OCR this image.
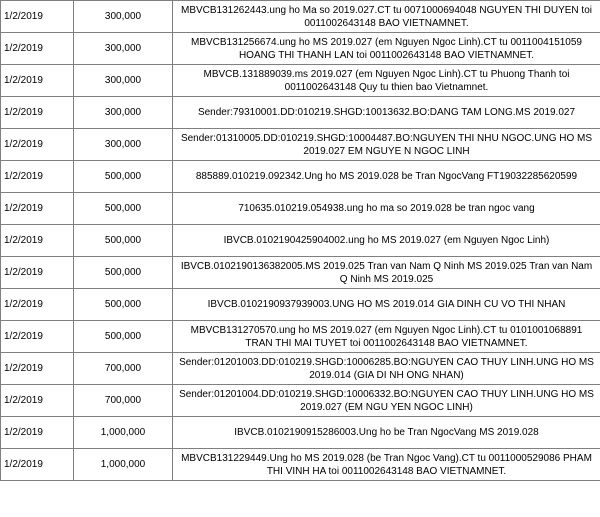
1/2/2019	300,000	MBVCB131262443.ung ho Ma so 2019.027.CT tu 0071000694048 NGUYEN THI DUYEN toi 0011002643148 BAO VIETNAMNET.
1/2/2019	300,000	MBVCB131256674.ung ho MS 2019.027 (em Nguyen Ngoc Linh).CT tu 0011004151059 HOANG THI THANH LAN toi 0011002643148 BAO VIETNAMNET.
1/2/2019	300,000	MBVCB.131889039.ms 2019.027 (em Nguyen Ngoc Linh).CT tu Phuong Thanh toi 0011002643148 Quy tu thien bao Vietnamnet.
1/2/2019	300,000	Sender:79310001.DD:010219.SHGD:10013632.BO:DANG TAM LONG.MS 2019.027
1/2/2019	300,000	Sender:01310005.DD:010219.SHGD:10004487.BO:NGUYEN THI NHU NGOC.UNG HO MS 2019.027 EM NGUYE N NGOC LINH
1/2/2019	500,000	885889.010219.092342.Ung ho MS 2019.028 be Tran NgocVang FT19032285620599
1/2/2019	500,000	710635.010219.054938.ung ho ma so 2019.028 be tran ngoc vang
1/2/2019	500,000	IBVCB.0102190425904002.ung ho MS 2019.027 (em Nguyen Ngoc Linh)
1/2/2019	500,000	IBVCB.0102190136382005.MS 2019.025 Tran van Nam Q Ninh MS 2019.025 Tran van Nam Q Ninh MS 2019.025
1/2/2019	500,000	IBVCB.0102190937939003.UNG HO MS 2019.014 GIA DINH CU VO THI NHAN
1/2/2019	500,000	MBVCB131270570.ung ho MS 2019.027 (em Nguyen Ngoc Linh).CT tu 0101001068891 TRAN THI MAI TUYET toi 0011002643148 BAO VIETNAMNET.
1/2/2019	700,000	Sender:01201003.DD:010219.SHGD:10006285.BO:NGUYEN CAO THUY LINH.UNG HO MS 2019.014 (GIA DI NH ONG NHAN)
1/2/2019	700,000	Sender:01201004.DD:010219.SHGD:10006332.BO:NGUYEN CAO THUY LINH.UNG HO MS 2019.027 (EM NGU YEN NGOC LINH)
1/2/2019	1,000,000	IBVCB.0102190915286003.Ung ho be Tran NgocVang MS 2019.028
1/2/2019	1,000,000	MBVCB131229449.Ung ho MS 2019.028 (be Tran Ngoc Vang).CT tu 0011000529086 PHAM THI VINH HA toi 0011002643148 BAO VIETNAMNET.
